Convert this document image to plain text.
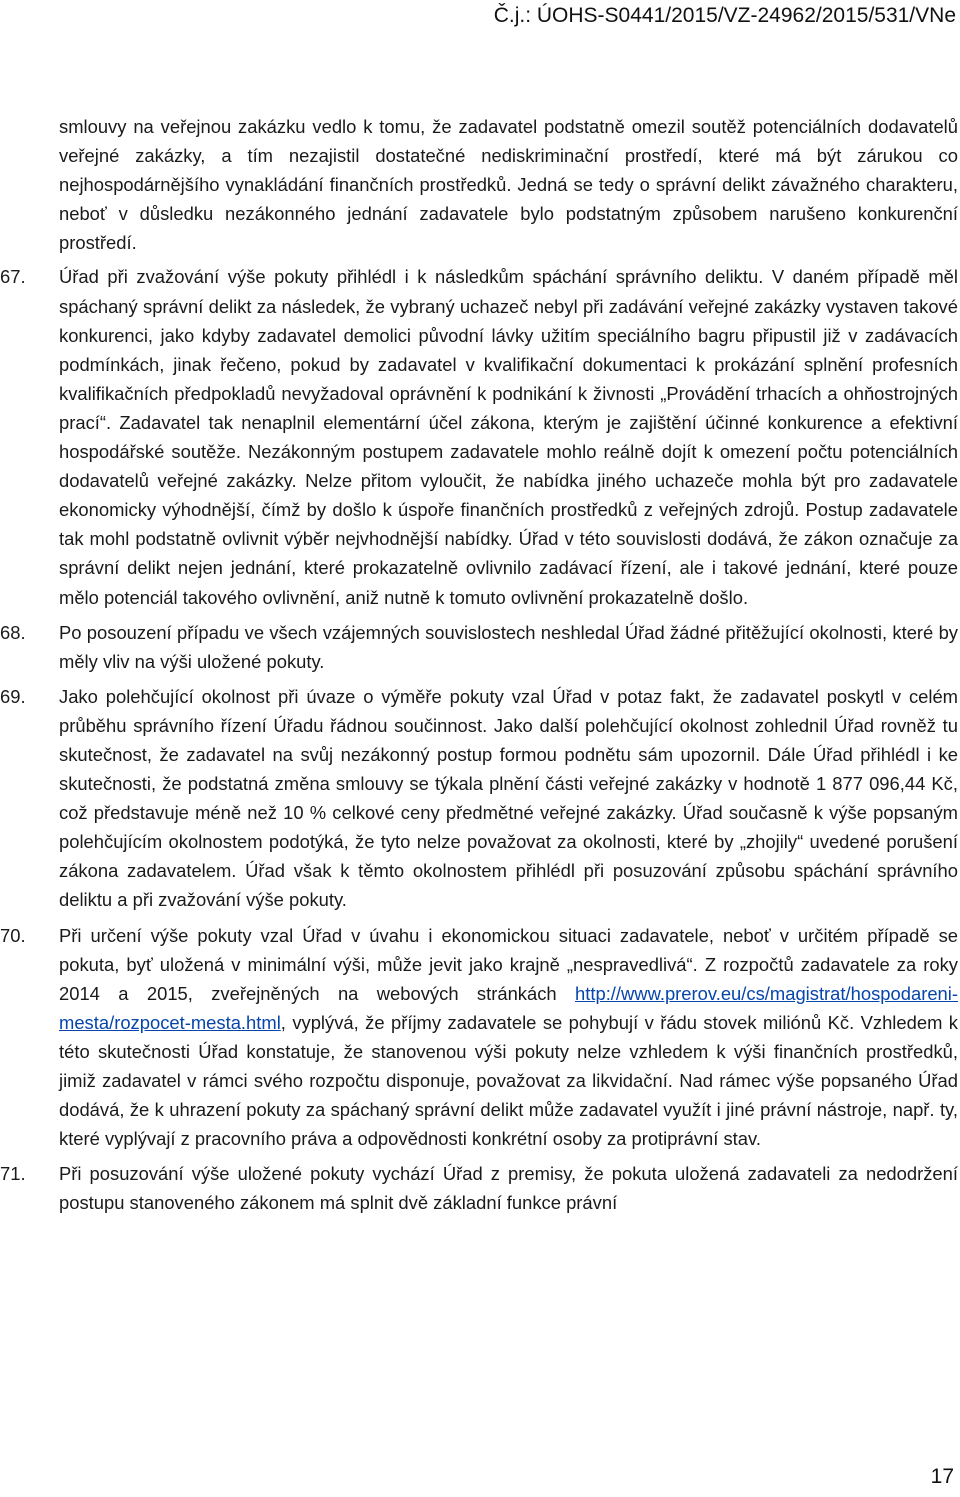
Č.j.: ÚOHS-S0441/2015/VZ-24962/2015/531/VNe

smlouvy na veřejnou zakázku vedlo k tomu, že zadavatel podstatně omezil soutěž potenciálních dodavatelů veřejné zakázky, a tím nezajistil dostatečné nediskriminační prostředí, které má být zárukou co nejhospodárnějšího vynakládání finančních prostředků. Jedná se tedy o správní delikt závažného charakteru, neboť v důsledku nezákonného jednání zadavatele bylo podstatným způsobem narušeno konkurenční prostředí.

67.	Úřad při zvažování výše pokuty přihlédl i k následkům spáchání správního deliktu. V daném případě měl spáchaný správní delikt za následek, že vybraný uchazeč nebyl při zadávání veřejné zakázky vystaven takové konkurenci, jako kdyby zadavatel demolici původní lávky užitím speciálního bagru připustil již v zadávacích podmínkách, jinak řečeno, pokud by zadavatel v kvalifikační dokumentaci k prokázání splnění profesních kvalifikačních předpokladů nevyžadoval oprávnění k podnikání k živnosti „Provádění trhacích a ohňostrojných prací“. Zadavatel tak nenaplnil elementární účel zákona, kterým je zajištění účinné konkurence a efektivní hospodářské soutěže. Nezákonným postupem zadavatele mohlo reálně dojít k omezení počtu potenciálních dodavatelů veřejné zakázky. Nelze přitom vyloučit, že nabídka jiného uchazeče mohla být pro zadavatele ekonomicky výhodnější, čímž by došlo k úspoře finančních prostředků z veřejných zdrojů. Postup zadavatele tak mohl podstatně ovlivnit výběr nejvhodnější nabídky. Úřad v této souvislosti dodává, že zákon označuje za správní delikt nejen jednání, které prokazatelně ovlivnilo zadávací řízení, ale i takové jednání, které pouze mělo potenciál takového ovlivnění, aniž nutně k tomuto ovlivnění prokazatelně došlo.

68.	Po posouzení případu ve všech vzájemných souvislostech neshledal Úřad žádné přitěžující okolnosti, které by měly vliv na výši uložené pokuty.

69.	Jako polehčující okolnost při úvaze o výměře pokuty vzal Úřad v potaz fakt, že zadavatel poskytl v celém průběhu správního řízení Úřadu řádnou součinnost. Jako další polehčující okolnost zohlednil Úřad rovněž tu skutečnost, že zadavatel na svůj nezákonný postup formou podnětu sám upozornil. Dále Úřad přihlédl i ke skutečnosti, že podstatná změna smlouvy se týkala plnění části veřejné zakázky v hodnotě 1 877 096,44 Kč, což představuje méně než 10 % celkové ceny předmětné veřejné zakázky. Úřad současně k výše popsaným polehčujícím okolnostem podotýká, že tyto nelze považovat za okolnosti, které by „zhojily“ uvedené porušení zákona zadavatelem. Úřad však k těmto okolnostem přihlédl při posuzování způsobu spáchání správního deliktu a při zvažování výše pokuty.

70.	Při určení výše pokuty vzal Úřad v úvahu i ekonomickou situaci zadavatele, neboť v určitém případě se pokuta, byť uložená v minimální výši, může jevit jako krajně „nespravedlivá“. Z rozpočtů zadavatele za roky 2014 a 2015, zveřejněných na webových stránkách http://www.prerov.eu/cs/magistrat/hospodareni-mesta/rozpocet-mesta.html, vyplývá, že příjmy zadavatele se pohybují v řádu stovek miliónů Kč. Vzhledem k této skutečnosti Úřad konstatuje, že stanovenou výši pokuty nelze vzhledem k výši finančních prostředků, jimiž zadavatel v rámci svého rozpočtu disponuje, považovat za likvidační. Nad rámec výše popsaného Úřad dodává, že k uhrazení pokuty za spáchaný správní delikt může zadavatel využít i jiné právní nástroje, např. ty, které vyplývají z pracovního práva a odpovědnosti konkrétní osoby za protiprávní stav.

71.	Při posuzování výše uložené pokuty vychází Úřad z premisy, že pokuta uložená zadavateli za nedodržení postupu stanoveného zákonem má splnit dvě základní funkce právní

17
